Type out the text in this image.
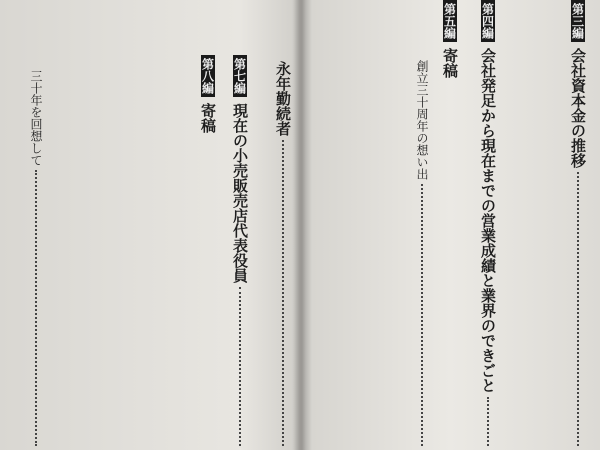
第三編
会社資本金の推移
第四編
会社発足から現在までの営業成績と業界のできごと
第五編
寄稿
創立三十周年の想い出
永年勤続者
第七編
現在の小売販売店代表役員
第八編
寄稿
三十年を回想して
